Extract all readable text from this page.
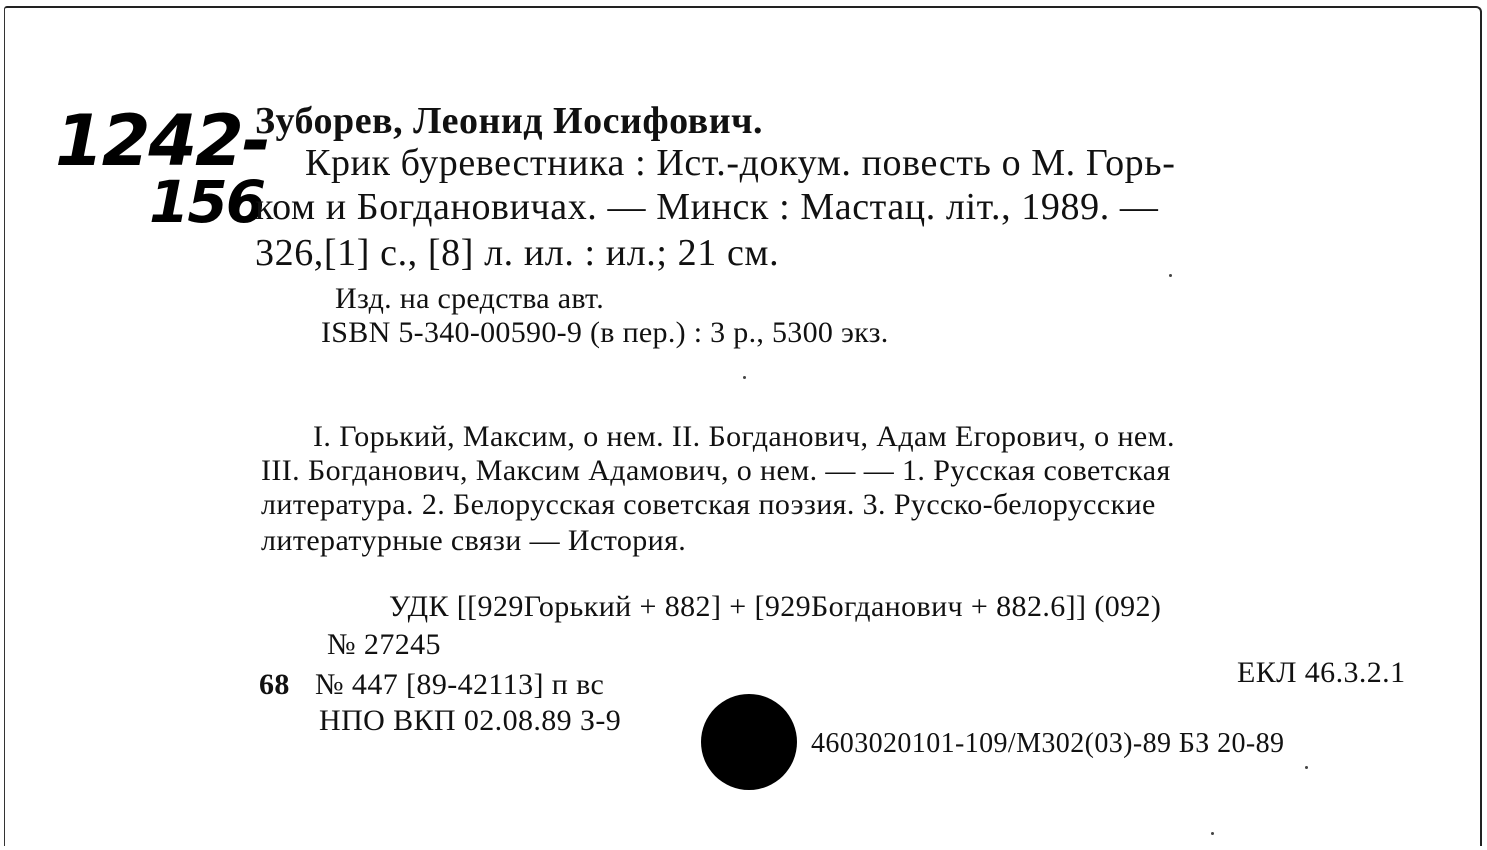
1242-
156
Зуборев, Леонид Иосифович.
Крик буревестника : Ист.-докум. повесть о М. Горь-
ком и Богдановичах. — Минск : Мастац. лiт., 1989. —
326,[1] с., [8] л. ил. : ил.; 21 см.
Изд. на средства авт.
ISBN 5-340-00590-9 (в пер.) : 3 р., 5300 экз.
I. Горький, Максим, о нем. II. Богданович, Адам Егорович, о нем.
III. Богданович, Максим Адамович, о нем. — — 1. Русская советская
литература. 2. Белорусская советская поэзия. 3. Русско-белорусские
литературные связи — История.
УДК [[929Горький + 882] + [929Богданович + 882.6]] (092)
№ 27245
68 № 447 [89-42113] п вс	ЕКЛ 46.3.2.1
НПО ВКП 02.08.89 З-9
4603020101-109/М302(03)-89 БЗ 20-89
